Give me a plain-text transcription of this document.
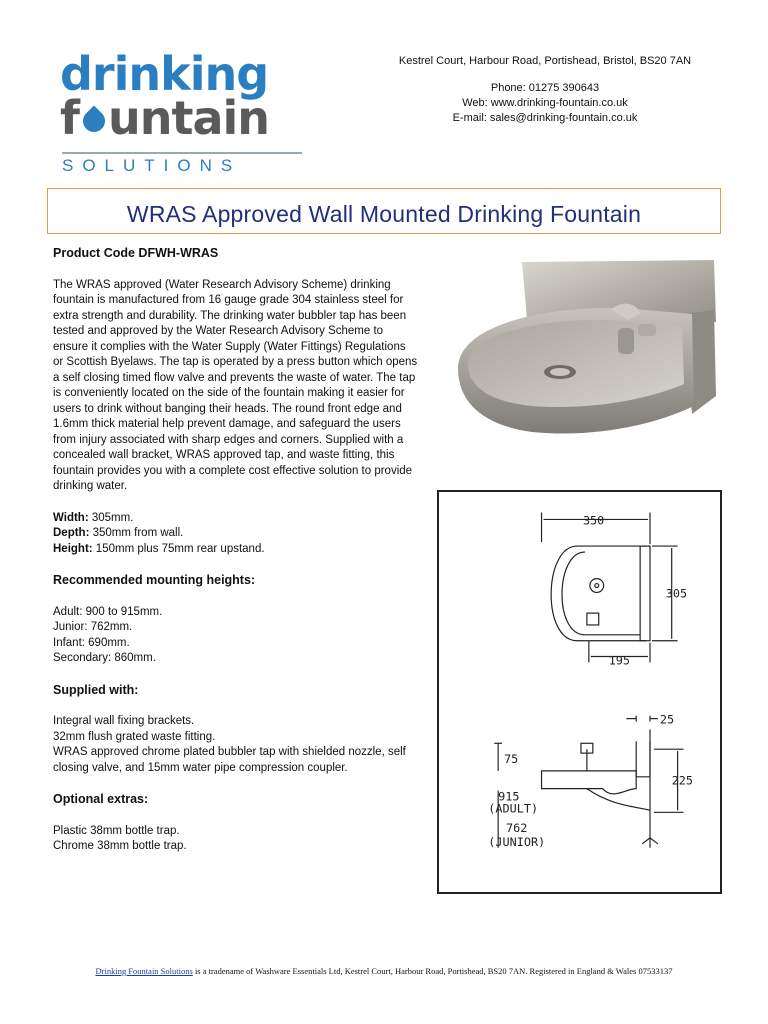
drinking
f untain
SOLUTIONS
Kestrel Court, Harbour Road, Portishead, Bristol, BS20 7AN
Phone: 01275 390643
Web: www.drinking-fountain.co.uk
E-mail: sales@drinking-fountain.co.uk
WRAS Approved Wall Mounted Drinking Fountain

Product Code DFWH-WRAS

The WRAS approved (Water Research Advisory Scheme) drinking fountain is manufactured from 16 gauge grade 304 stainless steel for extra strength and durability. The drinking water bubbler tap has been tested and approved by the Water Research Advisory Scheme to ensure it complies with the Water Supply (Water Fittings) Regulations or Scottish Byelaws. The tap is operated by a press button which opens a self closing timed flow valve and prevents the waste of water. The tap is conveniently located on the side of the fountain making it easier for users to drink without banging their heads. The round front edge and 1.6mm thick material help prevent damage, and safeguard the users from injury associated with sharp edges and corners. Supplied with a concealed wall bracket, WRAS approved tap, and waste fitting, this fountain provides you with a complete cost effective solution to provide drinking water.

Width: 305mm.
Depth: 350mm from wall.
Height: 150mm plus 75mm rear upstand.

Recommended mounting heights:

Adult: 900 to 915mm.
Junior: 762mm.
Infant: 690mm.
Secondary: 860mm.

Supplied with:

Integral wall fixing brackets.
32mm flush grated waste fitting.
WRAS approved chrome plated bubbler tap with shielded nozzle, self closing valve, and 15mm water pipe compression coupler.

Optional extras:

Plastic 38mm bottle trap.
Chrome 38mm bottle trap.
350
305
195
25
75
225
915
(ADULT)
762
(JUNIOR)
Drinking Fountain Solutions is a tradename of Washware Essentials Ltd, Kestrel Court, Harbour Road, Portishead, BS20 7AN. Registered in England & Wales 07533137
